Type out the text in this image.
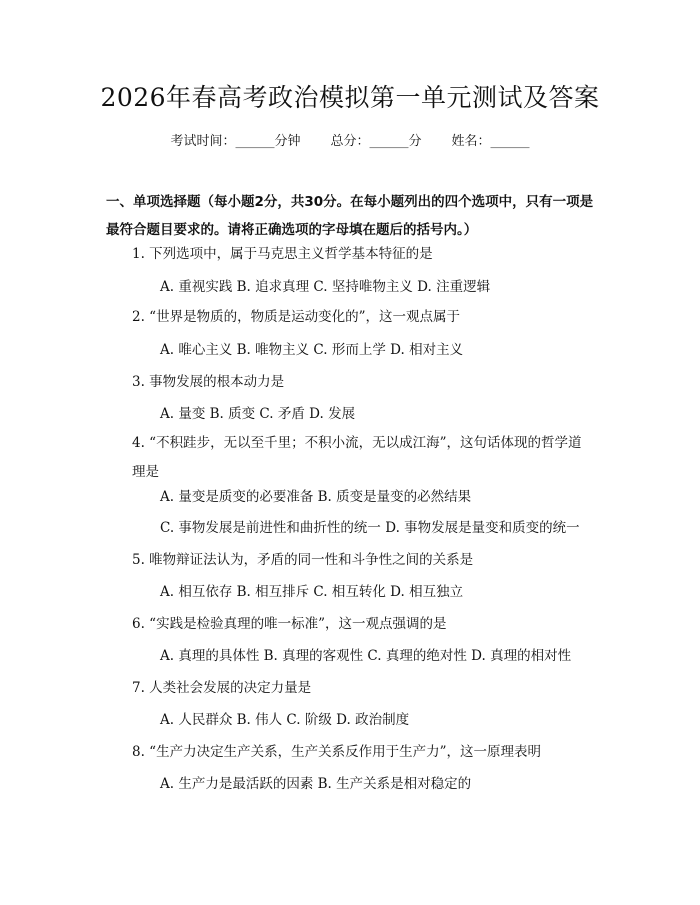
2026年春高考政治模拟第一单元测试及答案
考试时间：______分钟 总分：______分 姓名：______
一、单项选择题（每小题2分，共30分。在每小题列出的四个选项中，只有一项是最符合题目要求的。请将正确选项的字母填在题后的括号内。）
1. 下列选项中，属于马克思主义哲学基本特征的是
A. 重视实践 B. 追求真理 C. 坚持唯物主义 D. 注重逻辑
2. “世界是物质的，物质是运动变化的”，这一观点属于
A. 唯心主义 B. 唯物主义 C. 形而上学 D. 相对主义
3. 事物发展的根本动力是
A. 量变 B. 质变 C. 矛盾 D. 发展
4. “不积跬步，无以至千里；不积小流，无以成江海”，这句话体现的哲学道理是
A. 量变是质变的必要准备 B. 质变是量变的必然结果
C. 事物发展是前进性和曲折性的统一 D. 事物发展是量变和质变的统一
5. 唯物辩证法认为，矛盾的同一性和斗争性之间的关系是
A. 相互依存 B. 相互排斥 C. 相互转化 D. 相互独立
6. “实践是检验真理的唯一标准”，这一观点强调的是
A. 真理的具体性 B. 真理的客观性 C. 真理的绝对性 D. 真理的相对性
7. 人类社会发展的决定力量是
A. 人民群众 B. 伟人 C. 阶级 D. 政治制度
8. “生产力决定生产关系，生产关系反作用于生产力”，这一原理表明
A. 生产力是最活跃的因素 B. 生产关系是相对稳定的
